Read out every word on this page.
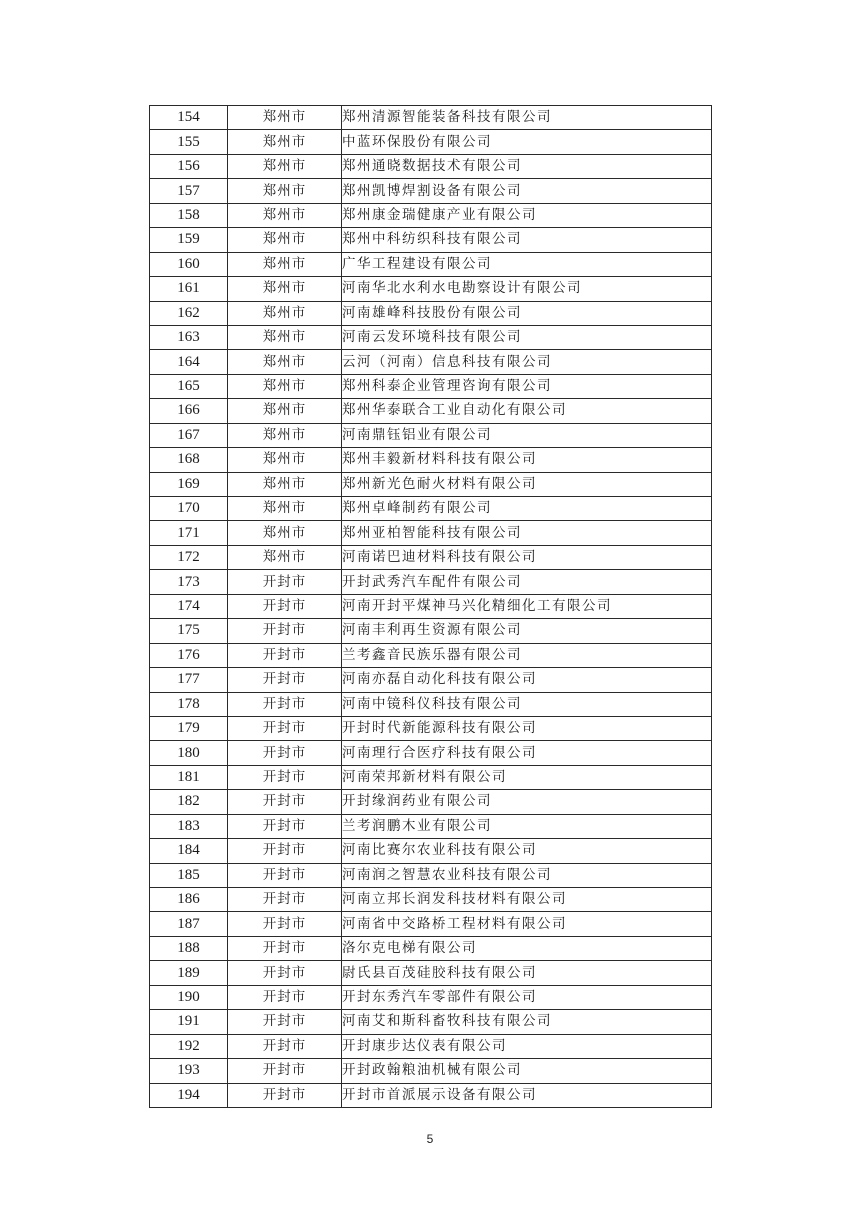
154	郑州市	郑州清源智能装备科技有限公司
155	郑州市	中蓝环保股份有限公司
156	郑州市	郑州通晓数据技术有限公司
157	郑州市	郑州凯博焊割设备有限公司
158	郑州市	郑州康金瑞健康产业有限公司
159	郑州市	郑州中科纺织科技有限公司
160	郑州市	广华工程建设有限公司
161	郑州市	河南华北水利水电勘察设计有限公司
162	郑州市	河南雄峰科技股份有限公司
163	郑州市	河南云发环境科技有限公司
164	郑州市	云河（河南）信息科技有限公司
165	郑州市	郑州科泰企业管理咨询有限公司
166	郑州市	郑州华泰联合工业自动化有限公司
167	郑州市	河南鼎钰铝业有限公司
168	郑州市	郑州丰毅新材料科技有限公司
169	郑州市	郑州新光色耐火材料有限公司
170	郑州市	郑州卓峰制药有限公司
171	郑州市	郑州亚柏智能科技有限公司
172	郑州市	河南诺巴迪材料科技有限公司
173	开封市	开封武秀汽车配件有限公司
174	开封市	河南开封平煤神马兴化精细化工有限公司
175	开封市	河南丰利再生资源有限公司
176	开封市	兰考鑫音民族乐器有限公司
177	开封市	河南亦磊自动化科技有限公司
178	开封市	河南中镜科仪科技有限公司
179	开封市	开封时代新能源科技有限公司
180	开封市	河南理行合医疗科技有限公司
181	开封市	河南荣邦新材料有限公司
182	开封市	开封缘润药业有限公司
183	开封市	兰考润鹏木业有限公司
184	开封市	河南比赛尔农业科技有限公司
185	开封市	河南润之智慧农业科技有限公司
186	开封市	河南立邦长润发科技材料有限公司
187	开封市	河南省中交路桥工程材料有限公司
188	开封市	洛尔克电梯有限公司
189	开封市	尉氏县百茂硅胶科技有限公司
190	开封市	开封东秀汽车零部件有限公司
191	开封市	河南艾和斯科畜牧科技有限公司
192	开封市	开封康步达仪表有限公司
193	开封市	开封政翰粮油机械有限公司
194	开封市	开封市首派展示设备有限公司
5
